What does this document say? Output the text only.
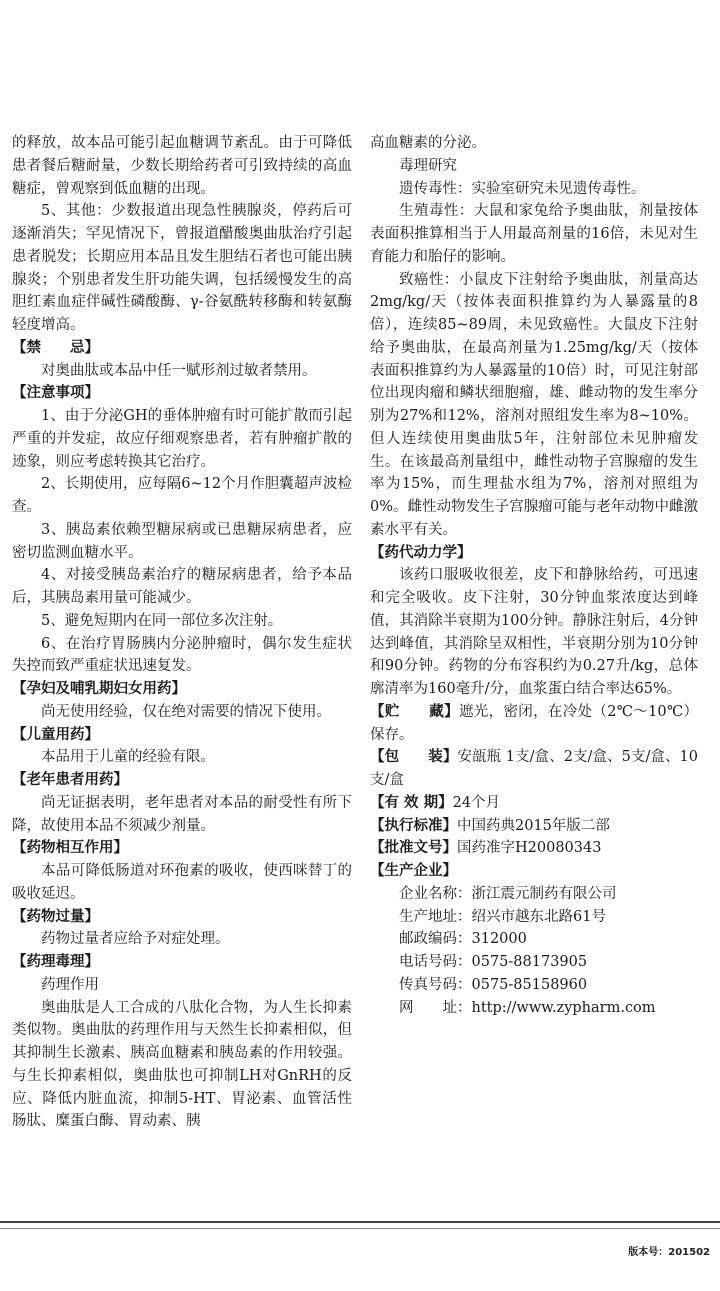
的释放，故本品可能引起血糖调节紊乱。由于可降低患者餐后糖耐量，少数长期给药者可引致持续的高血糖症，曾观察到低血糖的出现。

5、其他：少数报道出现急性胰腺炎，停药后可逐渐消失；罕见情况下，曾报道醋酸奥曲肽治疗引起患者脱发；长期应用本品且发生胆结石者也可能出胰腺炎；个别患者发生肝功能失调，包括缓慢发生的高胆红素血症伴碱性磷酸酶、γ-谷氨酰转移酶和转氨酶轻度增高。

【禁　　忌】

对奥曲肽或本品中任一赋形剂过敏者禁用。

【注意事项】

1、由于分泌GH的垂体肿瘤有时可能扩散而引起严重的并发症，故应仔细观察患者，若有肿瘤扩散的迹象，则应考虑转换其它治疗。

2、长期使用，应每隔6~12个月作胆囊超声波检查。

3、胰岛素依赖型糖尿病或已患糖尿病患者，应密切监测血糖水平。

4、对接受胰岛素治疗的糖尿病患者，给予本品后，其胰岛素用量可能减少。

5、避免短期内在同一部位多次注射。

6、在治疗胃肠胰内分泌肿瘤时，偶尔发生症状失控而致严重症状迅速复发。

【孕妇及哺乳期妇女用药】

尚无使用经验，仅在绝对需要的情况下使用。

【儿童用药】

本品用于儿童的经验有限。

【老年患者用药】

尚无证据表明，老年患者对本品的耐受性有所下降，故使用本品不须减少剂量。

【药物相互作用】

本品可降低肠道对环孢素的吸收，使西咪替丁的吸收延迟。

【药物过量】

药物过量者应给予对症处理。

【药理毒理】

药理作用

奥曲肽是人工合成的八肽化合物，为人生长抑素类似物。奥曲肽的药理作用与天然生长抑素相似，但其抑制生长激素、胰高血糖素和胰岛素的作用较强。与生长抑素相似，奥曲肽也可抑制LH对GnRH的反应、降低内脏血流，抑制5-HT、胃泌素、血管活性肠肽、糜蛋白酶、胃动素、胰

高血糖素的分泌。

毒理研究

遗传毒性：实验室研究未见遗传毒性。

生殖毒性：大鼠和家兔给予奥曲肽，剂量按体表面积推算相当于人用最高剂量的16倍，未见对生育能力和胎仔的影响。

致癌性：小鼠皮下注射给予奥曲肽，剂量高达2mg/kg/天（按体表面积推算约为人暴露量的8倍），连续85~89周，未见致癌性。大鼠皮下注射给予奥曲肽，在最高剂量为1.25mg/kg/天（按体表面积推算约为人暴露量的10倍）时，可见注射部位出现肉瘤和鳞状细胞瘤，雄、雌动物的发生率分别为27%和12%，溶剂对照组发生率为8~10%。但人连续使用奥曲肽5年，注射部位未见肿瘤发生。在该最高剂量组中，雌性动物子宫腺瘤的发生率为15%，而生理盐水组为7%，溶剂对照组为0%。雌性动物发生子宫腺瘤可能与老年动物中雌激素水平有关。

【药代动力学】

该药口服吸收很差，皮下和静脉给药，可迅速和完全吸收。皮下注射，30分钟血浆浓度达到峰值，其消除半衰期为100分钟。静脉注射后，4分钟达到峰值，其消除呈双相性，半衰期分别为10分钟和90分钟。药物的分布容积约为0.27升/kg，总体廓清率为160毫升/分，血浆蛋白结合率达65%。

【贮　　藏】遮光，密闭，在冷处（2℃～10℃）保存。

【包　　装】安瓿瓶 1支/盒、2支/盒、5支/盒、10支/盒

【有 效 期】24个月

【执行标准】中国药典2015年版二部

【批准文号】国药准字H20080343

【生产企业】

企业名称：浙江震元制药有限公司

生产地址：绍兴市越东北路61号

邮政编码：312000

电话号码：0575-88173905

传真号码：0575-85158960

网　　址：http://www.zypharm.com

版本号：201502
